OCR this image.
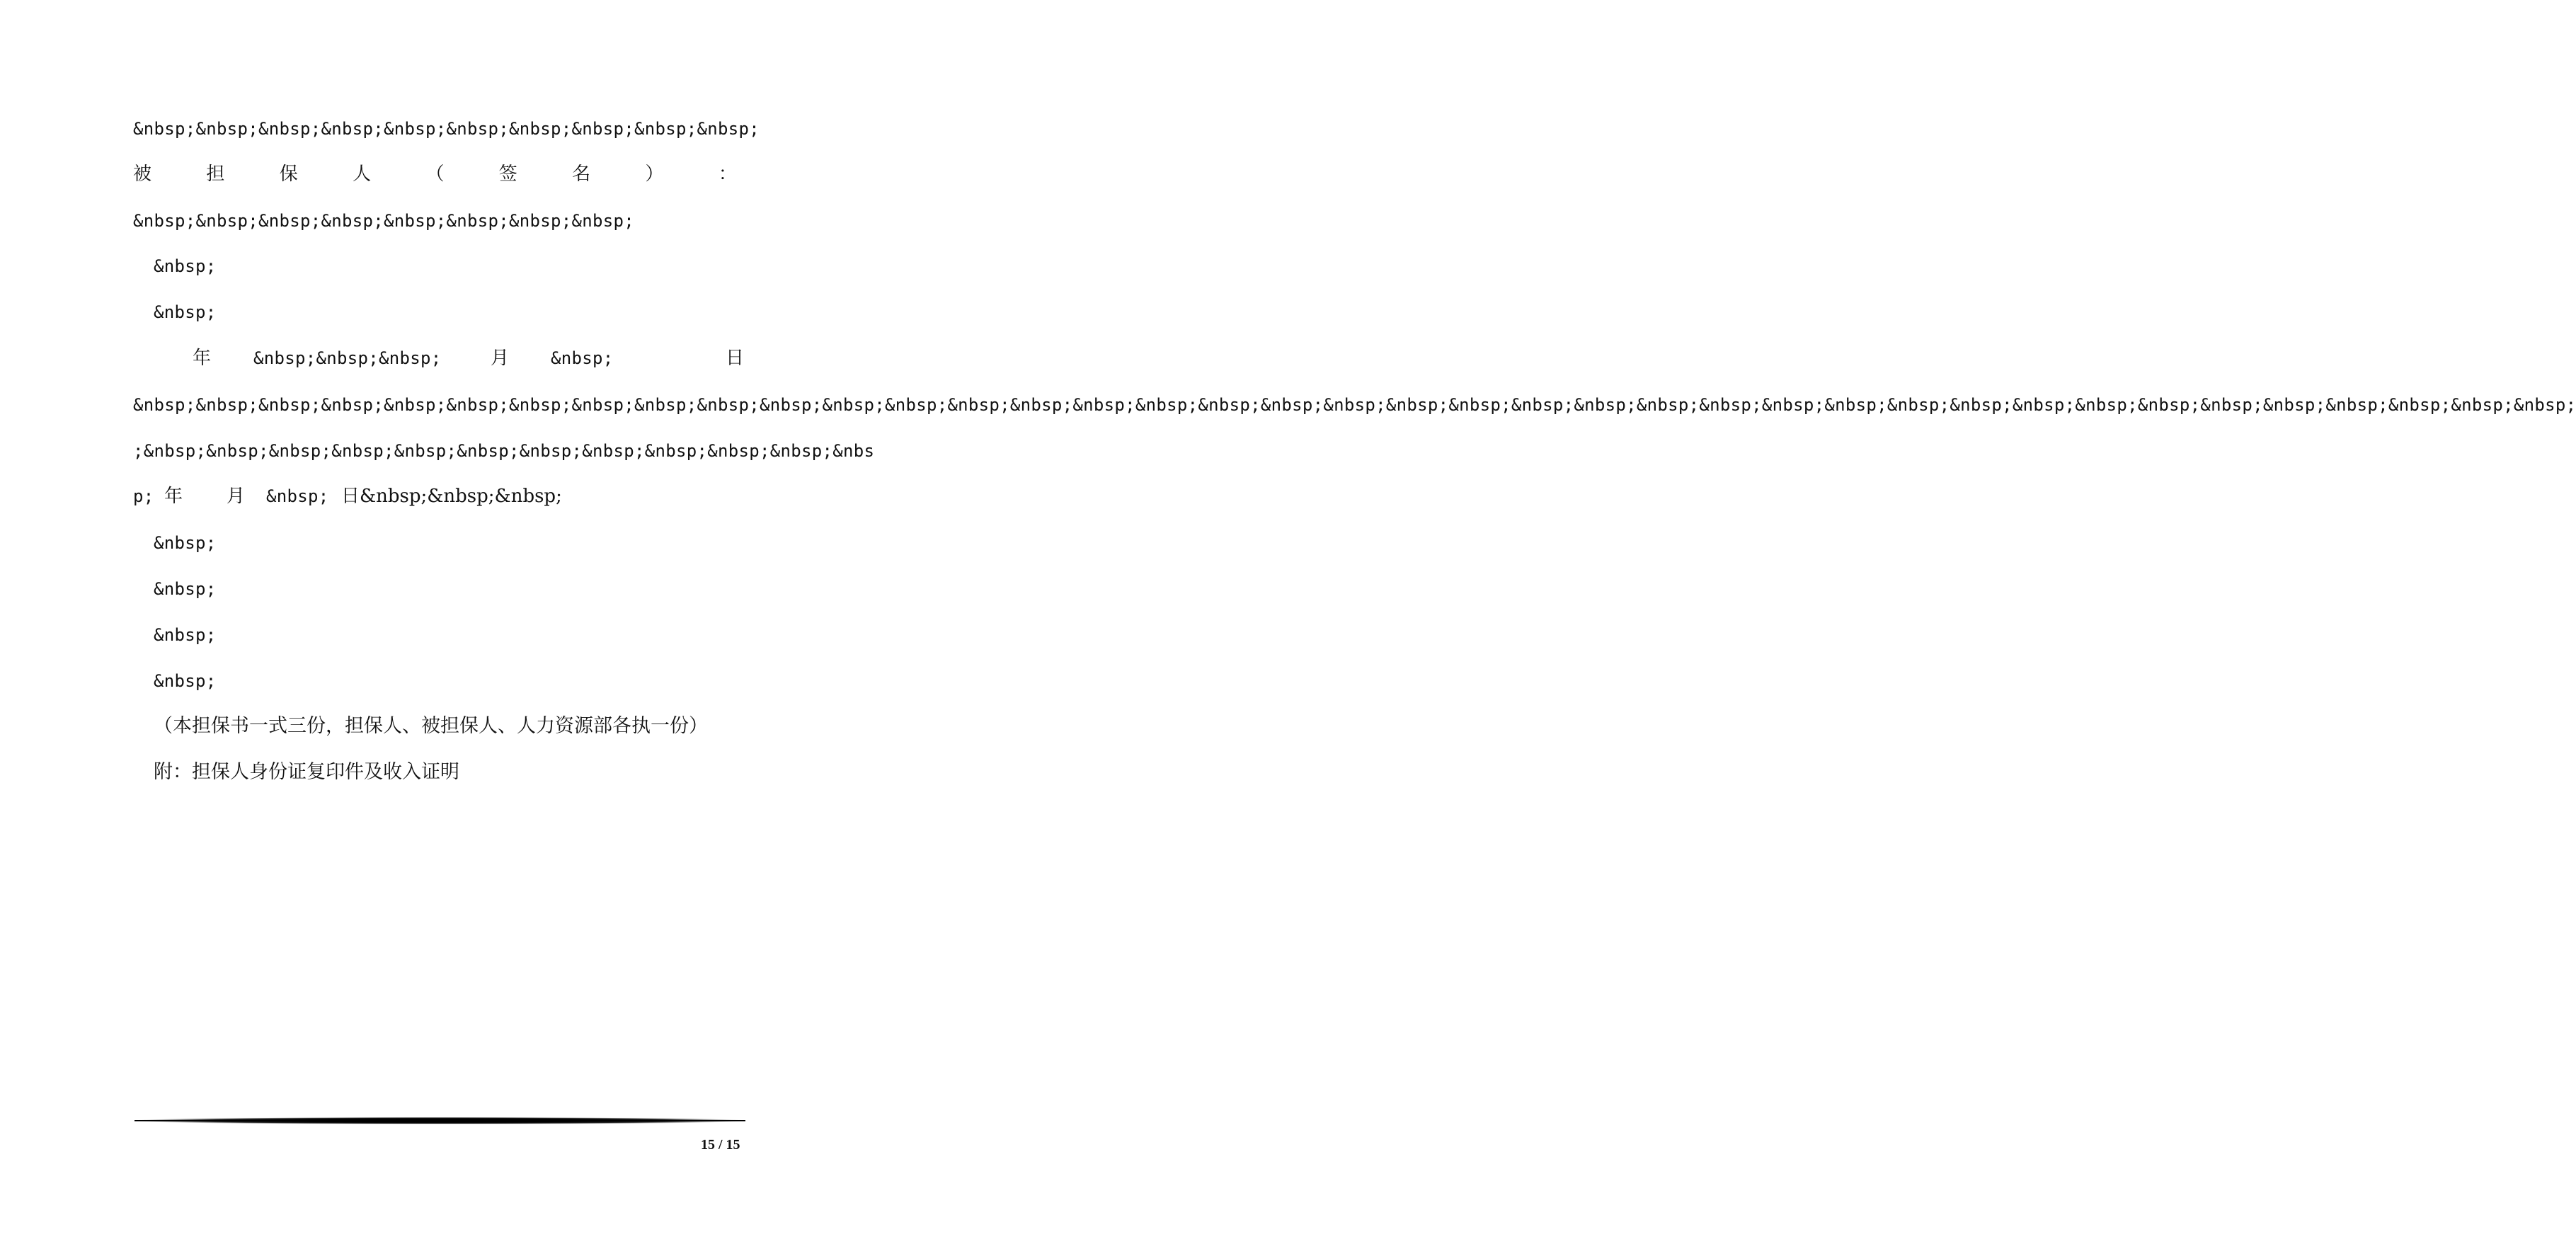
&nbsp;&nbsp;&nbsp;&nbsp;&nbsp;&nbsp;&nbsp;&nbsp;&nbsp;&nbsp;
被	担	保	人	（	签	名	）	：
&nbsp;&nbsp;&nbsp;&nbsp;&nbsp;&nbsp;&nbsp;&nbsp;
&nbsp;
&nbsp;
年 &nbsp;&nbsp;&nbsp;	月 &nbsp;	日
&nbsp;&nbsp;&nbsp;&nbsp;&nbsp;&nbsp;&nbsp;&nbsp;&nbsp;&nbsp;&nbsp;&nbsp;&nbsp;&nbsp;&nbsp;&nbsp;&nbsp;&nbsp;&nbsp;&nbsp;&nbsp;&nbsp;&nbsp;&nbsp;&nbsp;&nbsp;&nbsp;&nbsp;&nbsp;&nbsp;&nbsp;&nbsp;&nbsp;&nbsp;&nbsp;&nbsp;&nbsp;&nbsp;&nbsp;
;&nbsp;&nbsp;&nbsp;&nbsp;&nbsp;&nbsp;&nbsp;&nbsp;&nbsp;&nbsp;&nbsp;&nbs
p; 年 月 &nbsp; 日&nbsp;&nbsp;&nbsp;
&nbsp;
&nbsp;
&nbsp;
&nbsp;
（本担保书一式三份，担保人、被担保人、人力资源部各执一份）
附：担保人身份证复印件及收入证明
15 / 15
